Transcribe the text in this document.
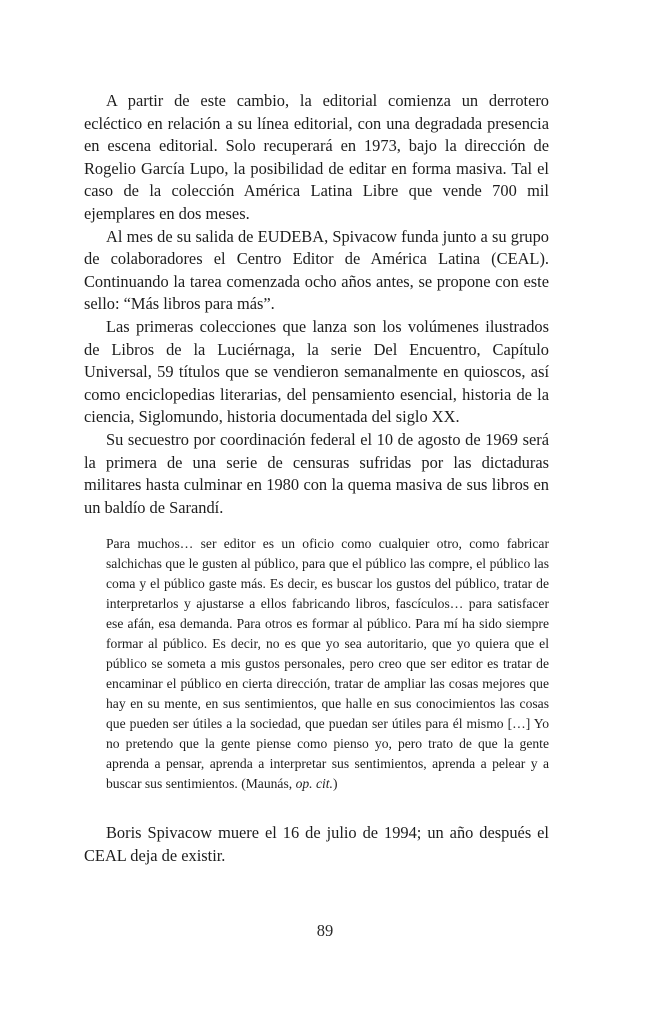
A partir de este cambio, la editorial comienza un derrotero ecléctico en relación a su línea editorial, con una degradada presencia en escena editorial. Solo recuperará en 1973, bajo la dirección de Rogelio García Lupo, la posibilidad de editar en forma masiva. Tal el caso de la colección América Latina Libre que vende 700 mil ejemplares en dos meses.

Al mes de su salida de EUDEBA, Spivacow funda junto a su grupo de colaboradores el Centro Editor de América Latina (CEAL). Continuando la tarea comenzada ocho años antes, se propone con este sello: “Más libros para más”.

Las primeras colecciones que lanza son los volúmenes ilustrados de Libros de la Luciérnaga, la serie Del Encuentro, Capítulo Universal, 59 títulos que se vendieron semanalmente en quioscos, así como enciclopedias literarias, del pensamiento esencial, historia de la ciencia, Siglomundo, historia documentada del siglo XX.

Su secuestro por coordinación federal el 10 de agosto de 1969 será la primera de una serie de censuras sufridas por las dictaduras militares hasta culminar en 1980 con la quema masiva de sus libros en un baldío de Sarandí.

Para muchos… ser editor es un oficio como cualquier otro, como fabricar salchichas que le gusten al público, para que el público las compre, el público las coma y el público gaste más. Es decir, es buscar los gustos del público, tratar de interpretarlos y ajustarse a ellos fabricando libros, fascículos… para satisfacer ese afán, esa demanda. Para otros es formar al público. Para mí ha sido siempre formar al público. Es decir, no es que yo sea autoritario, que yo quiera que el público se someta a mis gustos personales, pero creo que ser editor es tratar de encaminar el público en cierta dirección, tratar de ampliar las cosas mejores que hay en su mente, en sus sentimientos, que halle en sus conocimientos las cosas que pueden ser útiles a la sociedad, que puedan ser útiles para él mismo […] Yo no pretendo que la gente piense como pienso yo, pero trato de que la gente aprenda a pensar, aprenda a interpretar sus sentimientos, aprenda a pelear y a buscar sus sentimientos. (Maunás, op. cit.)

Boris Spivacow muere el 16 de julio de 1994; un año después el CEAL deja de existir.

89
